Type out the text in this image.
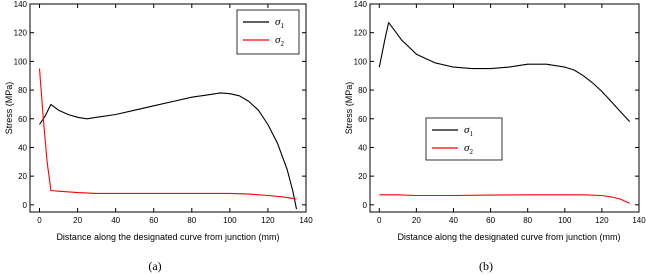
0	20	40	60	80	100	120	140
0
20
40
60
80
100
120
140
Stress (MPa)
Distance along the designated curve from junction (mm)
(a)
$\sigma_1$
$\sigma_2$
0	20	40	60	80	100	120	140
0
20
40
60
80
100
120
140
Stress (MPa)
Distance along the designated curve from junction (mm)
(b)
$\sigma_1$
$\sigma_2$
